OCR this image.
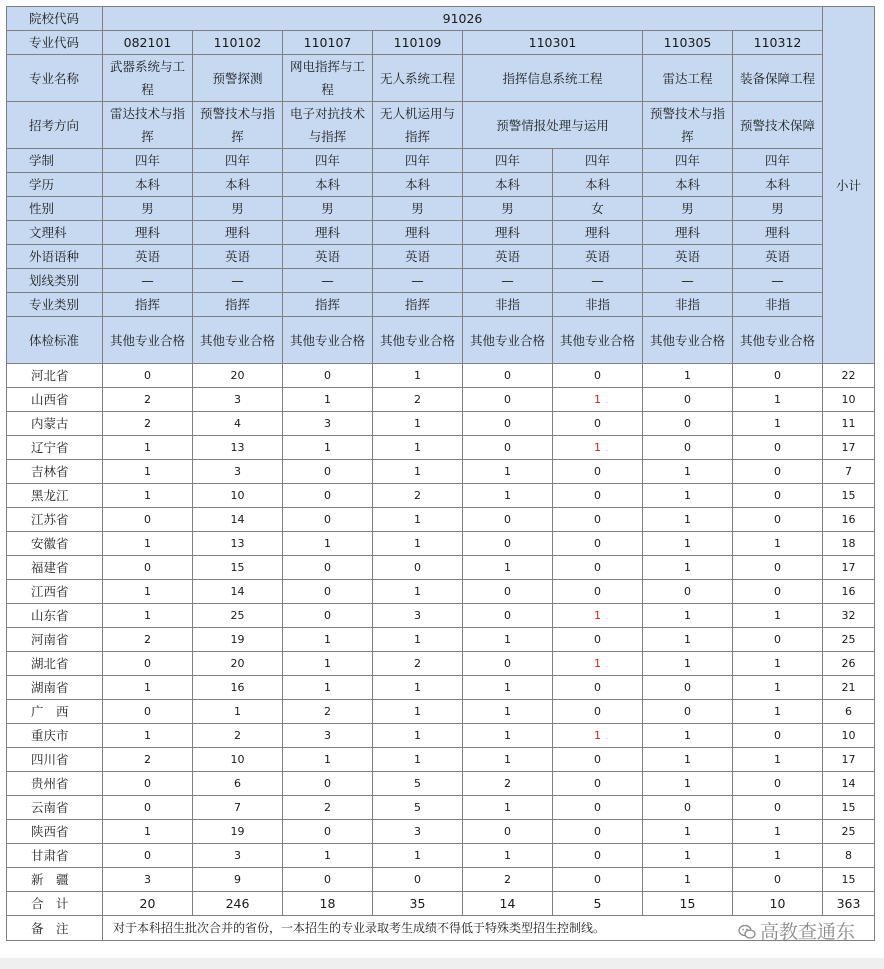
院校代码	91026								小计
专业代码	082101	110102	110107	110109	110301		110305	110312	
专业名称	武器系统与工程	预警探测	网电指挥与工程	无人系统工程	指挥信息系统工程		雷达工程	装备保障工程	
招考方向	雷达技术与指挥	预警技术与指挥	电子对抗技术与指挥	无人机运用与指挥	预警情报处理与运用		预警技术与指挥	预警技术保障	
学制	四年	四年	四年	四年	四年	四年	四年	四年	
学历	本科	本科	本科	本科	本科	本科	本科	本科	
性别	男	男	男	男	男	女	男	男	
文理科	理科	理科	理科	理科	理科	理科	理科	理科	
外语语种	英语	英语	英语	英语	英语	英语	英语	英语	
划线类别	—	—	—	—	—	—	—	—	
专业类别	指挥	指挥	指挥	指挥	非指	非指	非指	非指	
体检标准	其他专业合格	其他专业合格	其他专业合格	其他专业合格	其他专业合格	其他专业合格	其他专业合格	其他专业合格	
河北省	0	20	0	1	0	0	1	0	22
山西省	2	3	1	2	0	1	0	1	10
内蒙古	2	4	3	1	0	0	0	1	11
辽宁省	1	13	1	1	0	1	0	0	17
吉林省	1	3	0	1	1	0	1	0	7
黑龙江	1	10	0	2	1	0	1	0	15
江苏省	0	14	0	1	0	0	1	0	16
安徽省	1	13	1	1	0	0	1	1	18
福建省	0	15	0	0	1	0	1	0	17
江西省	1	14	0	1	0	0	0	0	16
山东省	1	25	0	3	0	1	1	1	32
河南省	2	19	1	1	1	0	1	0	25
湖北省	0	20	1	2	0	1	1	1	26
湖南省	1	16	1	1	1	0	0	1	21
广　西	0	1	2	1	1	0	0	1	6
重庆市	1	2	3	1	1	1	1	0	10
四川省	2	10	1	1	1	0	1	1	17
贵州省	0	6	0	5	2	0	1	0	14
云南省	0	7	2	5	1	0	0	0	15
陕西省	1	19	0	3	0	0	1	1	25
甘肃省	0	3	1	1	1	0	1	1	8
新　疆	3	9	0	0	2	0	1	0	15
合　计	20	246	18	35	14	5	15	10	363
备　注	对于本科招生批次合并的省份，一本招生的专业录取考生成绩不得低于特殊类型招生控制线。									高教查通东
